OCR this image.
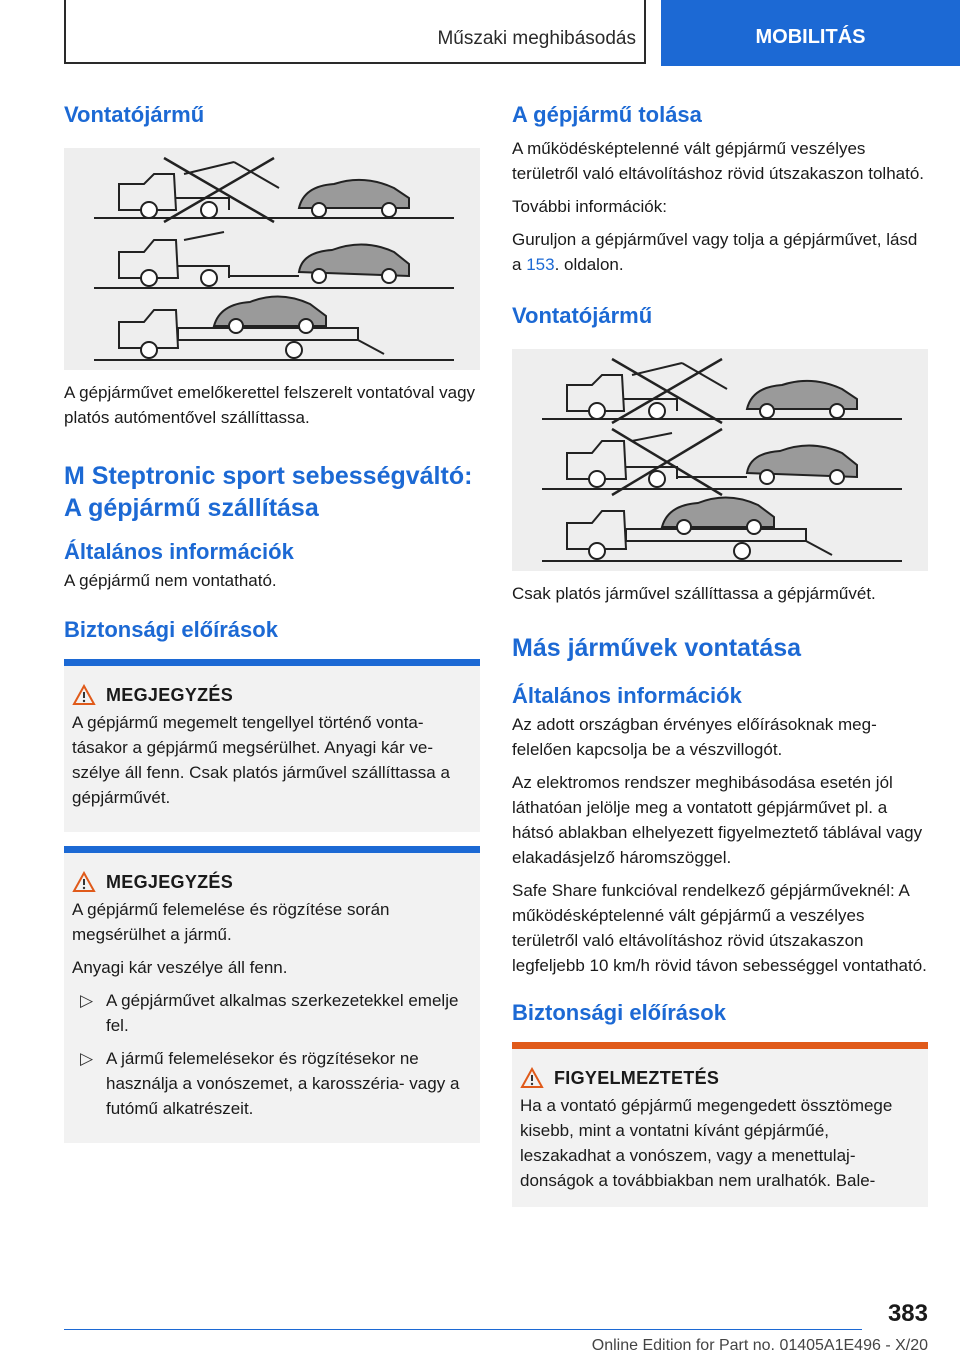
Műszaki meghibásodás	MOBILITÁS
Vontatójármű

A gépjárművet emelőkerettel felszerelt vontatóval vagy platós autómentővel szállíttassa.

M Steptronic sport sebességváltó: A gépjármű szállítása
Általános információk

A gépjármű nem vontatható.

Biztonsági előírások
MEGJEGYZÉS

A gépjármű megemelt tengellyel történő vontatásakor a gépjármű megsérülhet. Anyagi kár veszélye áll fenn. Csak platós járművel szállíttassa a gépjárművét.

MEGJEGYZÉS

A gépjármű felemelése és rögzítése során megsérülhet a jármű.

Anyagi kár veszélye áll fenn.

▷ A gépjárművet alkalmas szerkezetekkel emelje fel.
▷ A jármű felemelésekor és rögzítésekor ne használja a vonószemet, a karosszéria- vagy a futómű alkatrészeit.
A gépjármű tolása

A működésképtelenné vált gépjármű veszélyes területről való eltávolításhoz rövid útszakaszon tolható.

További információk:

Guruljon a gépjárművel vagy tolja a gépjárművet, lásd a 153. oldalon.

Vontatójármű

Csak platós járművel szállíttassa a gépjárművét.

Más járművek vontatása
Általános információk

Az adott országban érvényes előírásoknak megfelelően kapcsolja be a vészvillogót.

Az elektromos rendszer meghibásodása esetén jól láthatóan jelölje meg a vontatott gépjárművet pl. a hátsó ablakban elhelyezett figyelmeztető táblával vagy elakadásjelző háromszöggel.

Safe Share funkcióval rendelkező gépjárműveknél: A működésképtelenné vált gépjármű a veszélyes területről való eltávolításhoz rövid útszakaszon legfeljebb 10 km/h rövid távon sebességgel vontatható.

Biztonsági előírások
FIGYELMEZTETÉS

Ha a vontató gépjármű megengedett össztömege kisebb, mint a vontatni kívánt gépjárműé, leszakadhat a vonószem, vagy a menettulajdonságok a továbbiakban nem uralhatók. Bale-

383
Online Edition for Part no. 01405A1E496 - X/20
